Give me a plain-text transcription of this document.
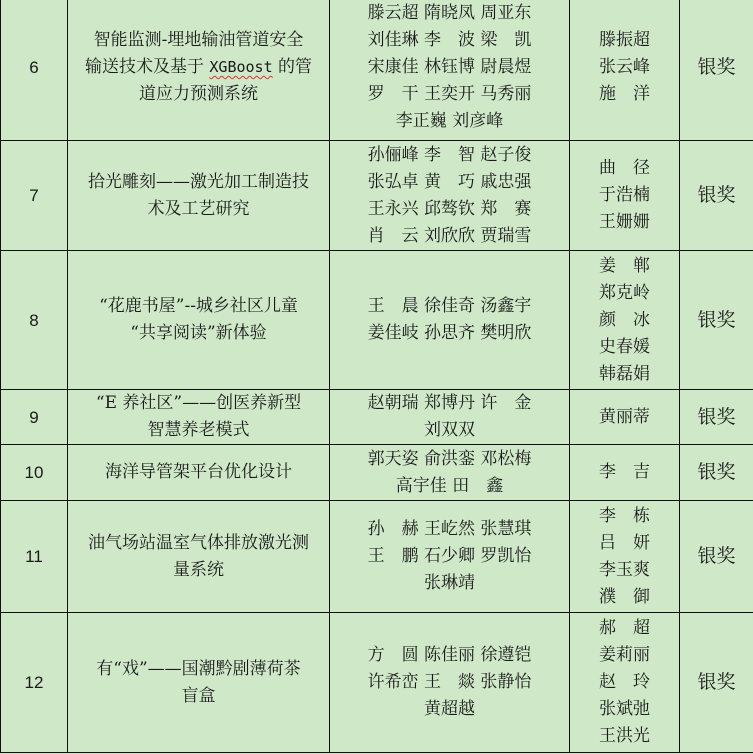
6	智能监测-埋地输油管道安全
输送技术及基于 XGBoost 的管
道应力预测系统	滕云超 隋晓凤 周亚东
刘佳琳 李　波 梁　凯
宋康佳 林钰博 尉晨煜
罗　干 王奕开 马秀丽
李正巍 刘彦峰	滕振超
张云峰
施　洋	银奖
7	拾光雕刻——激光加工制造技
术及工艺研究	孙俪峰 李　智 赵子俊
张弘卓 黄　巧 戚忠强
王永兴 邱骜钦 郑　赛
肖　云 刘欣欣 贾瑞雪	曲　径
于浩楠
王姗姗	银奖
8	“花鹿书屋”--城乡社区儿童
“共享阅读”新体验	王　晨 徐佳奇 汤鑫宇
姜佳岐 孙思齐 樊明欣	姜　郸
郑克岭
颜　冰
史春媛
韩磊娟	银奖
9	“E 养社区”——创医养新型
智慧养老模式	赵朝瑞 郑博丹 许　金
刘双双	黄丽蒂	银奖
10	海洋导管架平台优化设计	郭天姿 俞洪銮 邓松梅
高宇佳 田　鑫	李　吉	银奖
11	油气场站温室气体排放激光测
量系统	孙　赫 王屹然 张慧琪
王　鹏 石少卿 罗凯怡
张琳靖	李　栋
吕　妍
李玉爽
濮　御	银奖
12	有“戏”——国潮黔剧薄荷茶
盲盒	方　圆 陈佳丽 徐遵铠
许希峦 王　燚 张静怡
黄超越	郝　超
姜莉丽
赵　玲
张斌弛
王洪光	银奖
